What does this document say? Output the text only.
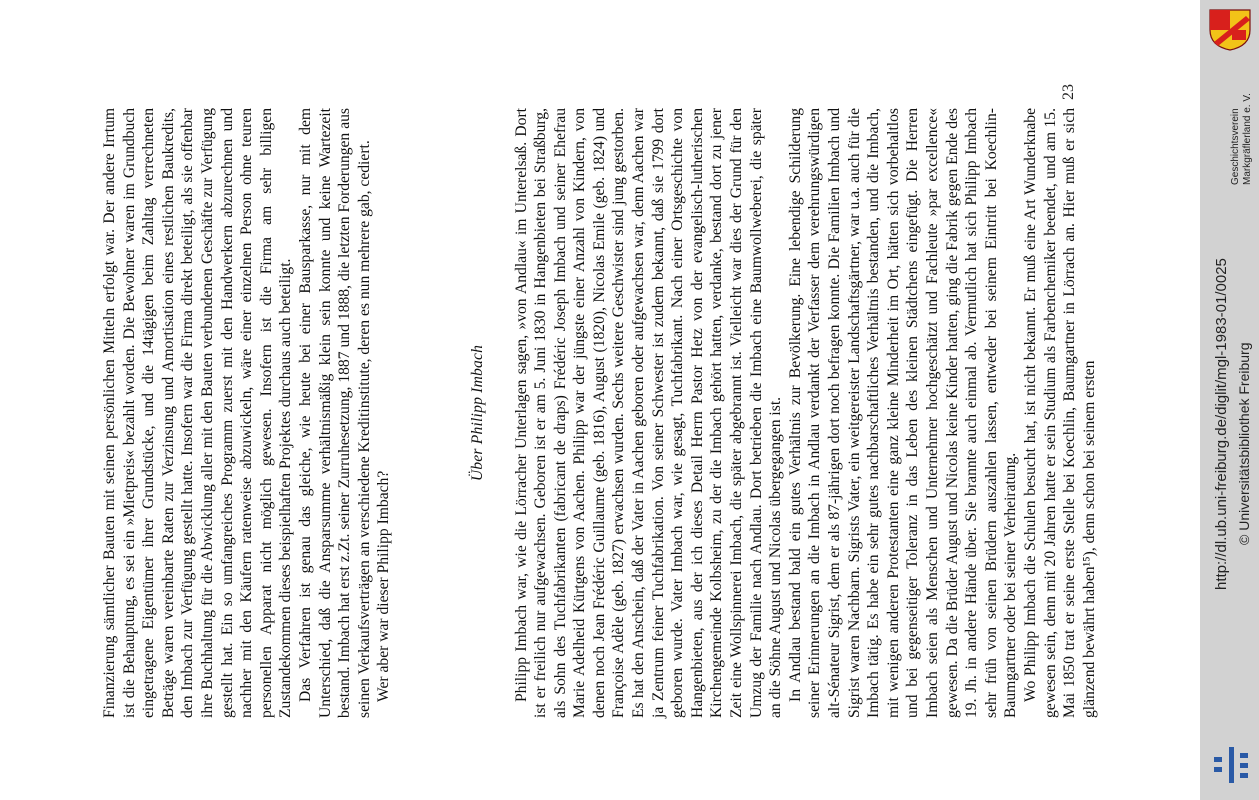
Finanzierung sämtlicher Bauten mit seinen persönlichen Mitteln erfolgt war. Der andere Irrtum ist die Behauptung, es sei ein »Mietpreis« bezahlt worden. Die Bewohner waren im Grundbuch eingetragene Eigentümer ihrer Grundstücke, und die 14tägigen beim Zahltag verrechneten Beträge waren vereinbarte Raten zur Verzinsung und Amortisation eines restlichen Baukredits, den Imbach zur Verfügung gestellt hatte. Insofern war die Firma direkt beteiligt, als sie offenbar ihre Buchhaltung für die Abwicklung aller mit den Bauten verbundenen Geschäfte zur Verfügung gestellt hat. Ein so umfangreiches Programm zuerst mit den Handwerkern abzurechnen und nachher mit den Käufern ratenweise abzuwickeln, wäre einer einzelnen Person ohne teuren personellen Apparat nicht möglich gewesen. Insofern ist die Firma am sehr billigen Zustandekommen dieses beispielhaften Projektes durchaus auch beteiligt. Das Verfahren ist genau das gleiche, wie heute bei einer Bausparkasse, nur mit dem Unterschied, daß die Ansparsumme verhältnismäßig klein sein konnte und keine Wartezeit bestand. Imbach hat erst z.Zt. seiner Zurruhesetzung, 1887 und 1888, die letzten Forderungen aus seinen Verkaufsverträgen an verschiedene Kreditinstitute, deren es nun mehrere gab, cediert. Wer aber war dieser Philipp Imbach?

Über Philipp Imbach Philipp Imbach war, wie die Lörracher Unterlagen sagen, »von Andlau« im Unterelsaß. Dort ist er freilich nur aufgewachsen. Geboren ist er am 5. Juni 1830 in Hangenbieten bei Straßburg, als Sohn des Tuchfabrikanten (fabricant de draps) Frédéric Joseph Imbach und seiner Ehefrau Marie Adelheid Kürtgens von Aachen. Philipp war der jüngste einer Anzahl von Kindern, von denen noch Jean Frédéric Guillaume (geb. 1816), August (1820), Nicolas Emile (geb. 1824) und Françoise Adèle (geb. 1827) erwachsen wurden. Sechs weitere Geschwister sind jung gestorben. Es hat den Anschein, daß der Vater in Aachen geboren oder aufgewachsen war, denn Aachen war ja Zentrum feiner Tuchfabrikation. Von seiner Schwester ist zudem bekannt, daß sie 1799 dort geboren wurde. Vater Imbach war, wie gesagt, Tuchfabrikant. Nach einer Ortsgeschichte von Hangenbieten, aus der ich dieses Detail Herrn Pastor Hetz von der evangelisch-lutherischen Kirchengemeinde Kolbsheim, zu der die Imbach gehört hatten, verdanke, bestand dort zu jener Zeit eine Wollspinnerei Imbach, die später abgebrannt ist. Vielleicht war dies der Grund für den Umzug der Familie nach Andlau. Dort betrieben die Imbach eine Baumwollweberei, die später an die Söhne August und Nicolas übergegangen ist. In Andlau bestand bald ein gutes Verhältnis zur Bevölkerung. Eine lebendige Schilderung seiner Erinnerungen an die Imbach in Andlau verdankt der Verfasser dem verehrungswürdigen alt-Sénateur Sigrist, dem er als 87-jährigen dort noch befragen konnte. Die Familien Imbach und Sigrist waren Nachbarn. Sigrists Vater, ein weitgereister Landschaftsgärtner, war u.a. auch für die Imbach tätig. Es habe ein sehr gutes nachbarschaftliches Verhältnis bestanden, und die Imbach, mit wenigen anderen Protestanten eine ganz kleine Minderheit im Ort, hätten sich vorbehaltlos und bei gegenseitiger Toleranz in das Leben des kleinen Städtchens eingefügt. Die Herren Imbach seien als Menschen und Unternehmer hochgeschätzt und Fachleute »par excellence« gewesen. Da die Brüder August und Nicolas keine Kinder hatten, ging die Fabrik gegen Ende des 19. Jh. in andere Hände über. Sie brannte auch einmal ab. Vermutlich hat sich Philipp Imbach sehr früh von seinen Brüdern auszahlen lassen, entweder bei seinem Eintritt bei Koechlin-Baumgartner oder bei seiner Verheiratung. Wo Philipp Imbach die Schulen besucht hat, ist nicht bekannt. Er muß eine Art Wunderknabe gewesen sein, denn mit 20 Jahren hatte er sein Studium als Farbenchemiker beendet, und am 15. Mai 1850 trat er seine erste Stelle bei Koechlin, Baumgartner in Lörrach an. Hier muß er sich glänzend bewährt haben¹⁵), denn schon bei seinem ersten

23
http://dl.ub.uni-freiburg.de/diglit/mgl-1983-01/0025 © Universitätsbibliothek Freiburg
Geschichtsverein Markgräflerland e. V.
